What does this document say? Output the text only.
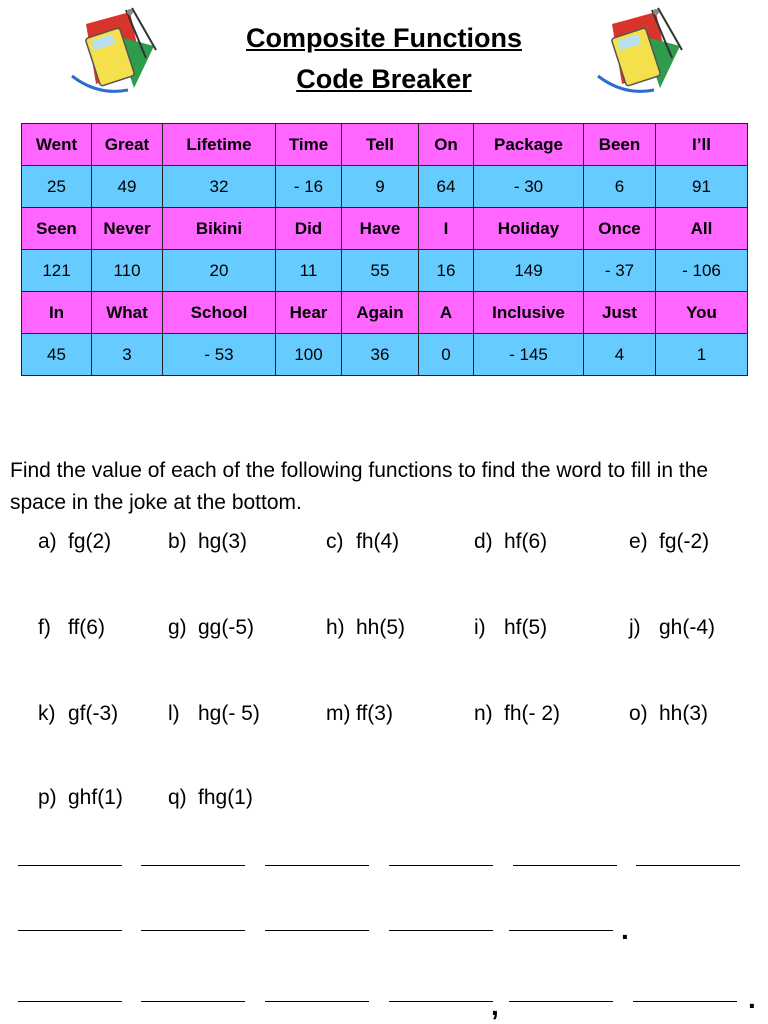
Composite Functions
Code Breaker
Went	Great	Lifetime	Time	Tell	On	Package	Been	I’ll
25	49	32	- 16	9	64	- 30	6	91
Seen	Never	Bikini	Did	Have	I	Holiday	Once	All
121	110	20	11	55	16	149	- 37	- 106
In	What	School	Hear	Again	A	Inclusive	Just	You
45	3	- 53	100	36	0	- 145	4	1
Find the value of each of the following functions to find the word to fill in the space in the joke at the bottom.
a) fg(2)	b) hg(3)	c) fh(4)	d) hf(6)	e) fg(-2)
f) ff(6)	g) gg(-5)	h) hh(5)	i) hf(5)	j) gh(-4)
k) gf(-3) l) hg(- 5)	m) ff(3)	n) fh(- 2)	o) hh(3)
p) ghf(1) q) fhg(1)
.
,	.
